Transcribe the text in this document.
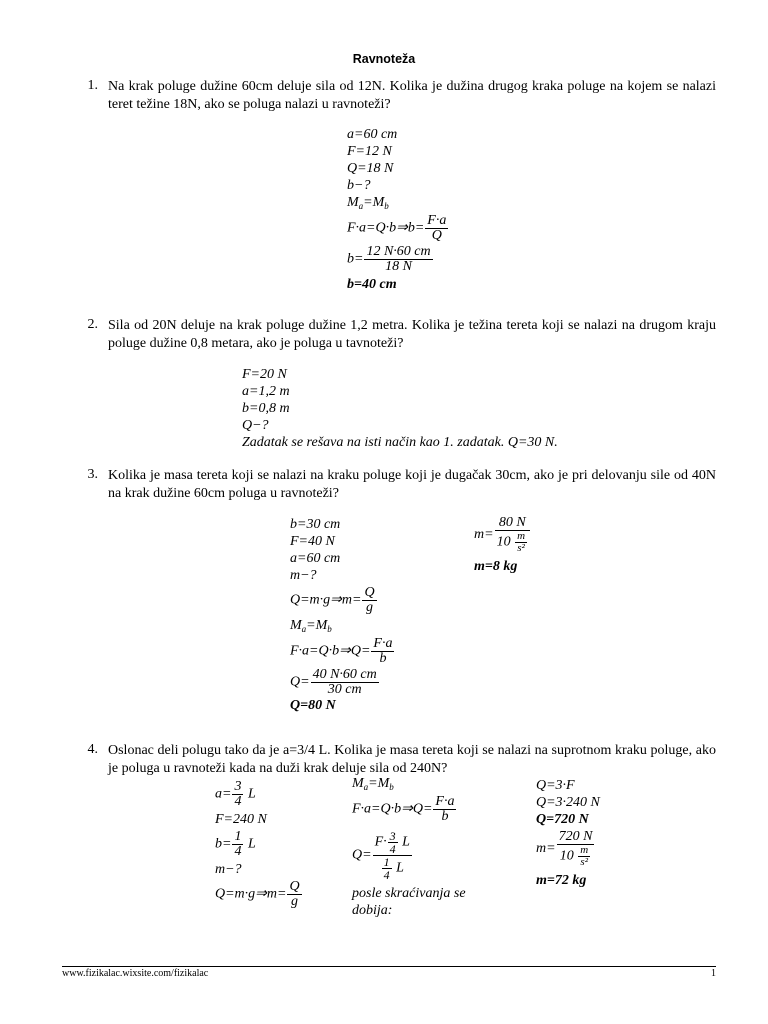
Ravnoteža
1. Na krak poluge dužine 60cm deluje sila od 12N. Kolika je dužina drugog kraka poluge na kojem se nalazi teret težine 18N, ako se poluga nalazi u ravnoteži?
a=60 cm
F=12 N
Q=18 N
b−?
$M_a=M_b$
F·a=Q·b⇒b= $\frac{F\cdot a}{Q}$
$b= \frac{12 N\cdot 60 cm}{18 N}$
b=40 cm
2. Sila od 20N deluje na krak poluge dužine 1,2 metra. Kolika je težina tereta koji se nalazi na drugom kraju poluge dužine 0,8 metara, ako je poluga u tavnoteži?
F=20 N
a=1,2 m
b=0,8 m
Q−?
Zadatak se rešava na isti način kao 1. zadatak. Q=30 N.
3. Kolika je masa tereta koji se nalazi na kraku poluge koji je dugačak 30cm, ako je pri delovanju sile od 40N na krak dužine 60cm poluga u ravnoteži?
b=30 cm
F=40 N
a=60 cm
m−?
Q=m·g⇒m= $\frac{Q}{g}$
$M_a=M_b$
F·a=Q·b⇒Q= $\frac{F\cdot a}{b}$
$Q= \frac{40 N\cdot 60 cm}{30 cm}$
Q=80 N
$m= \frac{80 N}{10 \frac{m}{\text{s²}}}$
m=8 kg
4. Oslonac deli polugu tako da je a=3/4 L. Kolika je masa tereta koji se nalazi na suprotnom kraku poluge, ako je poluga u ravnoteži kada na duži krak deluje sila od 240N?
$a= \frac{3}{4}$ L
F=240 N
$b= \frac{1}{4}$ L
m−?
Q=m·g⇒m= $\frac{Q}{g}$
$M_a=M_b$
F·a=Q·b⇒Q= $\frac{F\cdot a}{b}$
$Q= \frac{F\cdot \frac{3}{4} L}{\frac{1}{4} L}$
posle skraćivanja se dobija:
Q=3·F
Q=3·240 N
Q=720 N
$m= \frac{720 N}{10 \frac{m}{\text{s²}}}$
m=72 kg
www.fizikalac.wixsite.com/fizikalac	1
